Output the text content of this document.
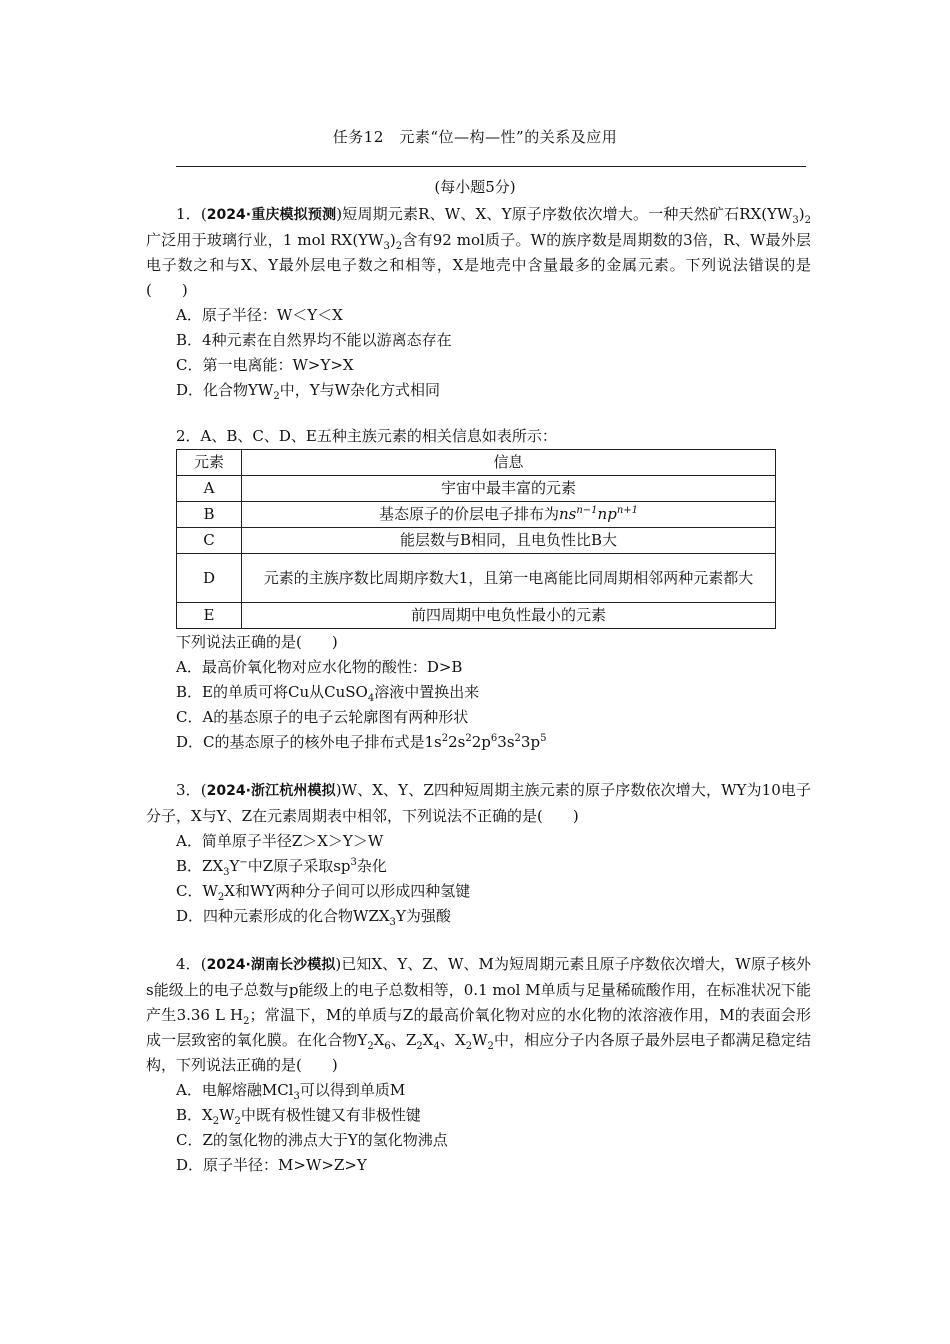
任务12　元素“位—构—性”的关系及应用
(每小题5分)

1．(2024·重庆模拟预测)短周期元素R、W、X、Y原子序数依次增大。一种天然矿石$RX(YW_3)_2$广泛用于玻璃行业，1 mol $RX(YW_3)_2$含有92 mol质子。W的族序数是周期数的3倍，R、W最外层电子数之和与X、Y最外层电子数之和相等，X是地壳中含量最多的金属元素。下列说法错误的是(　　)

A．原子半径：W＜Y＜X

B．4种元素在自然界均不能以游离态存在

C．第一电离能：W>Y>X

D．化合物$YW_2$中，Y与W杂化方式相同

2．A、B、C、D、E五种主族元素的相关信息如表所示：

元素	信息
A	宇宙中最丰富的元素
B	基态原子的价层电子排布为$ns^{n-1}np^{n+1}$
C	能层数与B相同，且电负性比B大
D	元素的主族序数比周期序数大1，且第一电离能比同周期相邻两种元素都大
E	前四周期中电负性最小的元素

下列说法正确的是(　　)

A．最高价氧化物对应水化物的酸性：D>B

B．E的单质可将Cu从CuSO$_4$溶液中置换出来

C．A的基态原子的电子云轮廓图有两种形状

D．C的基态原子的核外电子排布式是$1s^22s^22p^63s^23p^5$

3．(2024·浙江杭州模拟)W、X、Y、Z四种短周期主族元素的原子序数依次增大，WY为10电子分子，X与Y、Z在元素周期表中相邻，下列说法不正确的是(　　)

A．简单原子半径Z＞X＞Y＞W

B．$ZX_3Y^-$中Z原子采取$sp^3$杂化

C．$W_2X$和WY两种分子间可以形成四种氢键

D．四种元素形成的化合物$WZX_3Y$为强酸

4．(2024·湖南长沙模拟)已知X、Y、Z、W、M为短周期元素且原子序数依次增大，W原子核外s能级上的电子总数与p能级上的电子总数相等，0.1 mol M单质与足量稀硫酸作用，在标准状况下能产生3.36 L $H_2$；常温下，M的单质与Z的最高价氧化物对应的水化物的浓溶液作用，M的表面会形成一层致密的氧化膜。在化合物$Y_2X_6$、$Z_2X_4$、$X_2W_2$中，相应分子内各原子最外层电子都满足稳定结构，下列说法正确的是(　　)

A．电解熔融MCl$_3$可以得到单质M

B．$X_2W_2$中既有极性键又有非极性键

C．Z的氢化物的沸点大于Y的氢化物沸点

D．原子半径：M>W>Z>Y
